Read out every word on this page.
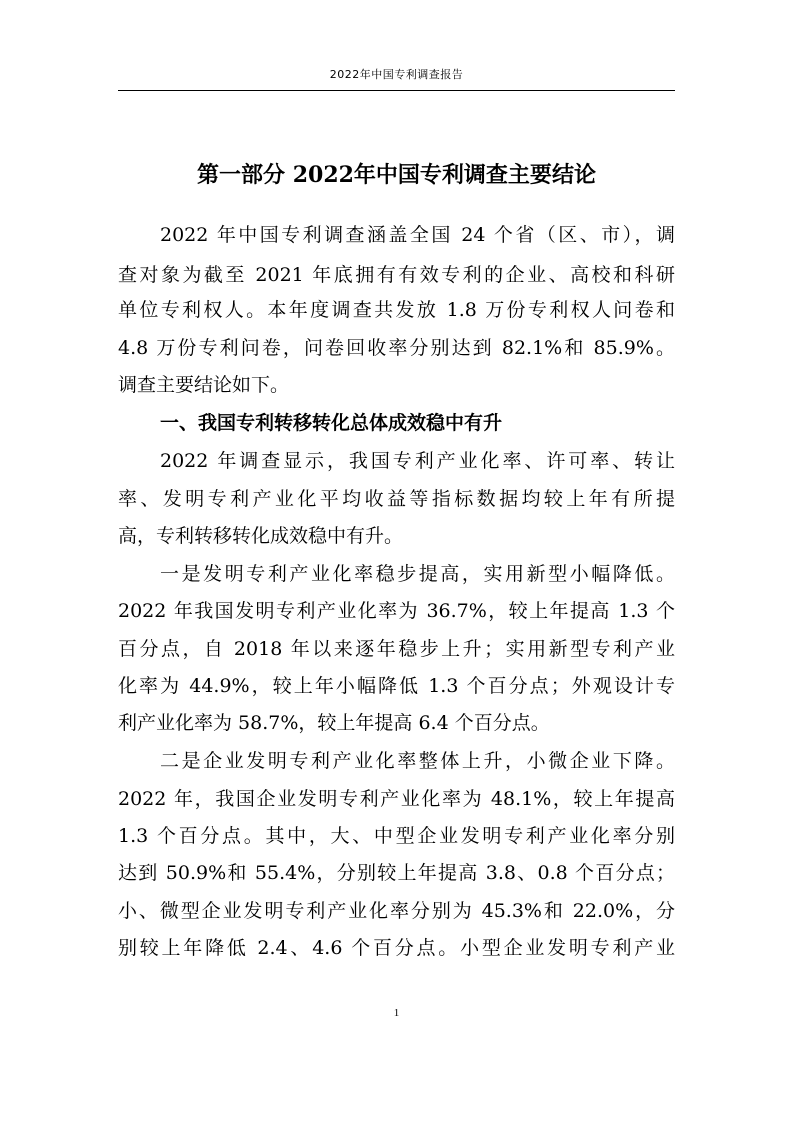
2022年中国专利调查报告
第一部分 2022年中国专利调查主要结论
2022 年中国专利调查涵盖全国 24 个省（区、市），调
查对象为截至 2021 年底拥有有效专利的企业、高校和科研
单位专利权人。本年度调查共发放 1.8 万份专利权人问卷和
4.8 万份专利问卷，问卷回收率分别达到 82.1%和 85.9%。
调查主要结论如下。
一、我国专利转移转化总体成效稳中有升
2022 年调查显示，我国专利产业化率、许可率、转让
率、发明专利产业化平均收益等指标数据均较上年有所提
高，专利转移转化成效稳中有升。
一是发明专利产业化率稳步提高，实用新型小幅降低。
2022 年我国发明专利产业化率为 36.7%，较上年提高 1.3 个
百分点，自 2018 年以来逐年稳步上升；实用新型专利产业
化率为 44.9%，较上年小幅降低 1.3 个百分点；外观设计专
利产业化率为 58.7%，较上年提高 6.4 个百分点。
二是企业发明专利产业化率整体上升，小微企业下降。
2022 年，我国企业发明专利产业化率为 48.1%，较上年提高
1.3 个百分点。其中，大、中型企业发明专利产业化率分别
达到 50.9%和 55.4%，分别较上年提高 3.8、0.8 个百分点；
小、微型企业发明专利产业化率分别为 45.3%和 22.0%，分
别较上年降低 2.4、4.6 个百分点。小型企业发明专利产业
1
